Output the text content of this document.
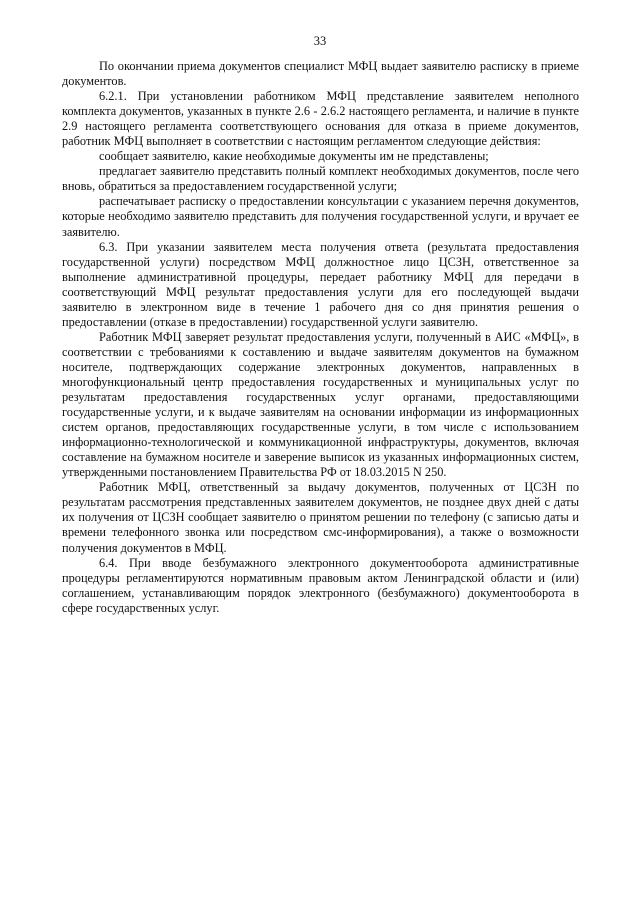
33

По окончании приема документов специалист МФЦ выдает заявителю расписку в приеме документов.

6.2.1. При установлении работником МФЦ представление заявителем неполного комплекта документов, указанных в пункте 2.6 - 2.6.2 настоящего регламента, и наличие в пункте 2.9 настоящего регламента соответствующего основания для отказа в приеме документов, работник МФЦ выполняет в соответствии с настоящим регламентом следующие действия:

сообщает заявителю, какие необходимые документы им не представлены;

предлагает заявителю представить полный комплект необходимых документов, после чего вновь, обратиться за предоставлением государственной услуги;

распечатывает расписку о предоставлении консультации с указанием перечня документов, которые необходимо заявителю представить для получения государственной услуги, и вручает ее заявителю.

6.3. При указании заявителем места получения ответа (результата предоставления государственной услуги) посредством МФЦ должностное лицо ЦСЗН, ответственное за выполнение административной процедуры, передает работнику МФЦ для передачи в соответствующий МФЦ результат предоставления услуги для его последующей выдачи заявителю в электронном виде в течение 1 рабочего дня со дня принятия решения о предоставлении (отказе в предоставлении) государственной услуги заявителю.

Работник МФЦ заверяет результат предоставления услуги, полученный в АИС «МФЦ», в соответствии с требованиями к составлению и выдаче заявителям документов на бумажном носителе, подтверждающих содержание электронных документов, направленных в многофункциональный центр предоставления государственных и муниципальных услуг по результатам предоставления государственных услуг органами, предоставляющими государственные услуги, и к выдаче заявителям на основании информации из информационных систем органов, предоставляющих государственные услуги, в том числе с использованием информационно-технологической и коммуникационной инфраструктуры, документов, включая составление на бумажном носителе и заверение выписок из указанных информационных систем, утвержденными постановлением Правительства РФ от 18.03.2015 N 250.

Работник МФЦ, ответственный за выдачу документов, полученных от ЦСЗН по результатам рассмотрения представленных заявителем документов, не позднее двух дней с даты их получения от ЦСЗН сообщает заявителю о принятом решении по телефону (с записью даты и времени телефонного звонка или посредством смс-информирования), а также о возможности получения документов в МФЦ.

6.4. При вводе безбумажного электронного документооборота административные процедуры регламентируются нормативным правовым актом Ленинградской области и (или) соглашением, устанавливающим порядок электронного (безбумажного) документооборота в сфере государственных услуг.
